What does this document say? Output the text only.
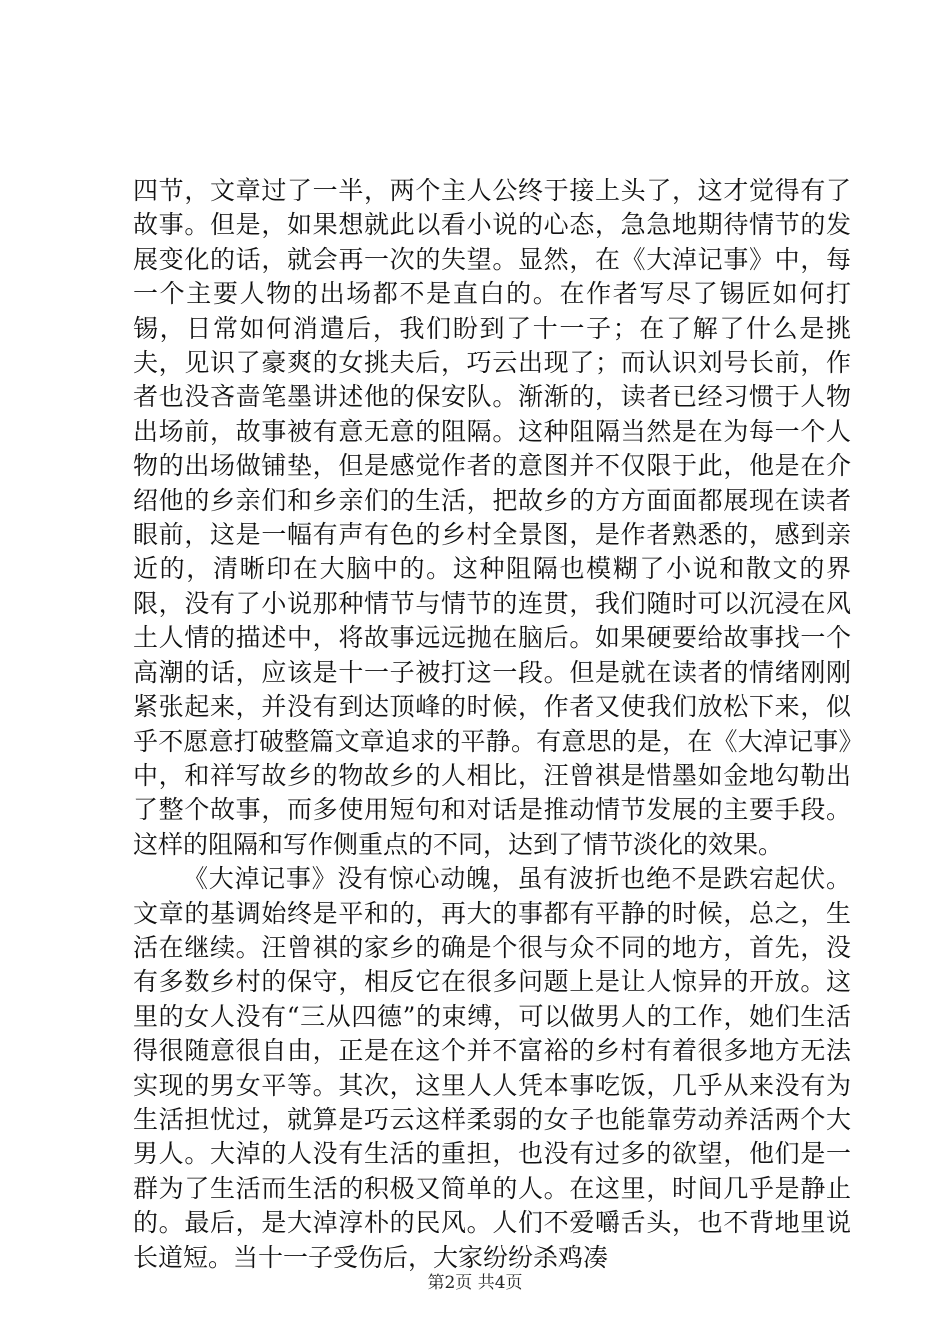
四节，文章过了一半，两个主人公终于接上头了，这才觉得有了故事。但是，如果想就此以看小说的心态，急急地期待情节的发展变化的话，就会再一次的失望。显然，在《大淖记事》中，每一个主要人物的出场都不是直白的。在作者写尽了锡匠如何打锡，日常如何消遣后，我们盼到了十一子；在了解了什么是挑夫，见识了豪爽的女挑夫后，巧云出现了；而认识刘号长前，作者也没吝啬笔墨讲述他的保安队。渐渐的，读者已经习惯于人物出场前，故事被有意无意的阻隔。这种阻隔当然是在为每一个人物的出场做铺垫，但是感觉作者的意图并不仅限于此，他是在介绍他的乡亲们和乡亲们的生活，把故乡的方方面面都展现在读者眼前，这是一幅有声有色的乡村全景图，是作者熟悉的，感到亲近的，清晰印在大脑中的。这种阻隔也模糊了小说和散文的界限，没有了小说那种情节与情节的连贯，我们随时可以沉浸在风土人情的描述中，将故事远远抛在脑后。如果硬要给故事找一个高潮的话，应该是十一子被打这一段。但是就在读者的情绪刚刚紧张起来，并没有到达顶峰的时候，作者又使我们放松下来，似乎不愿意打破整篇文章追求的平静。有意思的是，在《大淖记事》中，和祥写故乡的物故乡的人相比，汪曾祺是惜墨如金地勾勒出了整个故事，而多使用短句和对话是推动情节发展的主要手段。这样的阻隔和写作侧重点的不同，达到了情节淡化的效果。

《大淖记事》没有惊心动魄，虽有波折也绝不是跌宕起伏。文章的基调始终是平和的，再大的事都有平静的时候，总之，生活在继续。汪曾祺的家乡的确是个很与众不同的地方，首先，没有多数乡村的保守，相反它在很多问题上是让人惊异的开放。这里的女人没有“三从四德”的束缚，可以做男人的工作，她们生活得很随意很自由，正是在这个并不富裕的乡村有着很多地方无法实现的男女平等。其次，这里人人凭本事吃饭，几乎从来没有为生活担忧过，就算是巧云这样柔弱的女子也能靠劳动养活两个大男人。大淖的人没有生活的重担，也没有过多的欲望，他们是一群为了生活而生活的积极又简单的人。在这里，时间几乎是静止的。最后，是大淖淳朴的民风。人们不爱嚼舌头，也不背地里说长道短。当十一子受伤后，大家纷纷杀鸡凑

第2页 共4页
